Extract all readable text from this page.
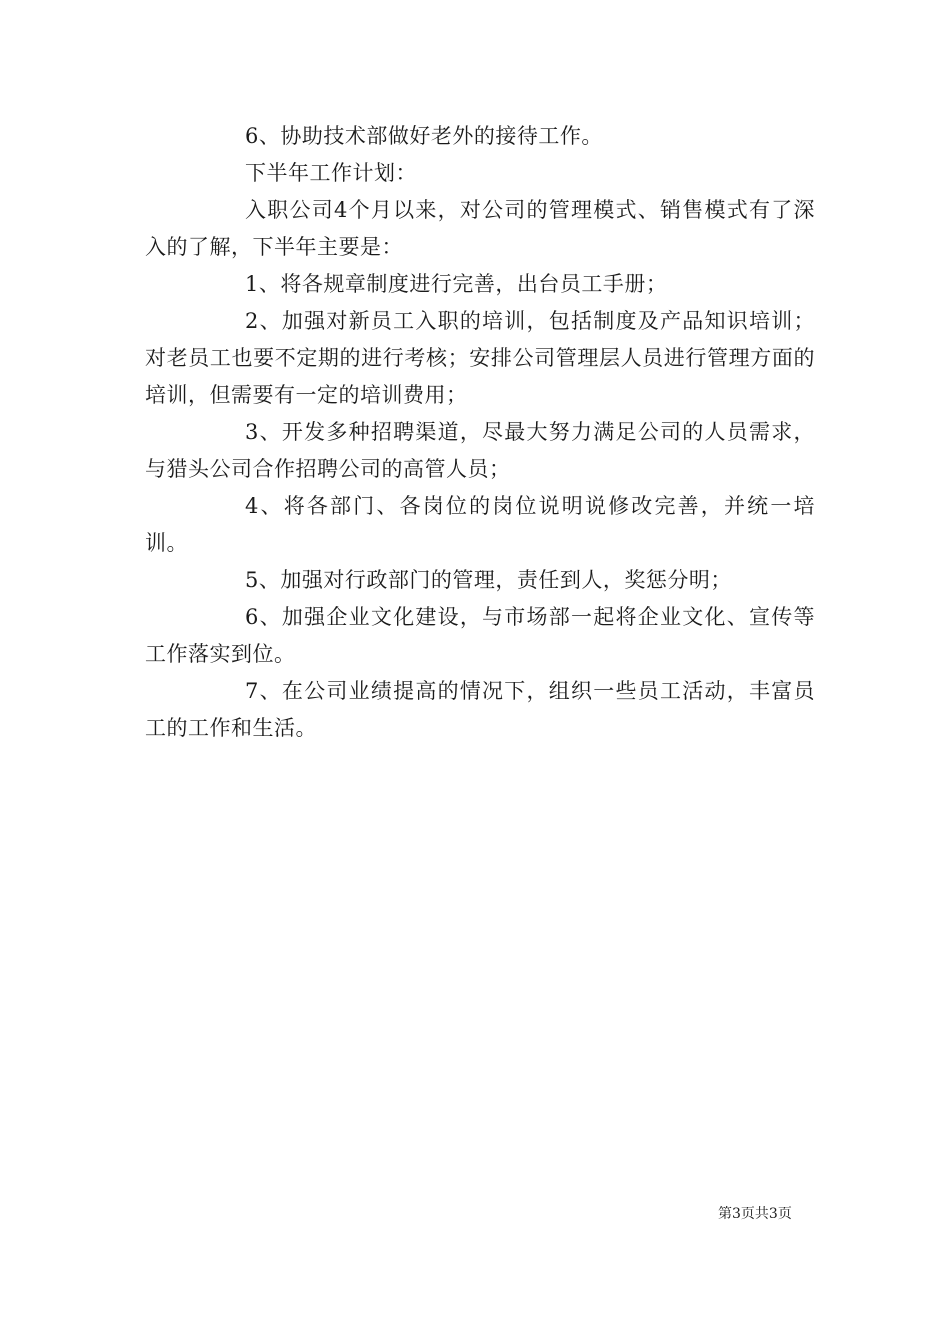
6、协助技术部做好老外的接待工作。

下半年工作计划：

入职公司4个月以来，对公司的管理模式、销售模式有了深入的了解，下半年主要是：

1、将各规章制度进行完善，出台员工手册；

2、加强对新员工入职的培训，包括制度及产品知识培训；对老员工也要不定期的进行考核；安排公司管理层人员进行管理方面的培训，但需要有一定的培训费用；

3、开发多种招聘渠道，尽最大努力满足公司的人员需求，与猎头公司合作招聘公司的高管人员；

4、将各部门、各岗位的岗位说明说修改完善，并统一培训。

5、加强对行政部门的管理，责任到人，奖惩分明；

6、加强企业文化建设，与市场部一起将企业文化、宣传等工作落实到位。

7、在公司业绩提高的情况下，组织一些员工活动，丰富员工的工作和生活。

第3页共3页
